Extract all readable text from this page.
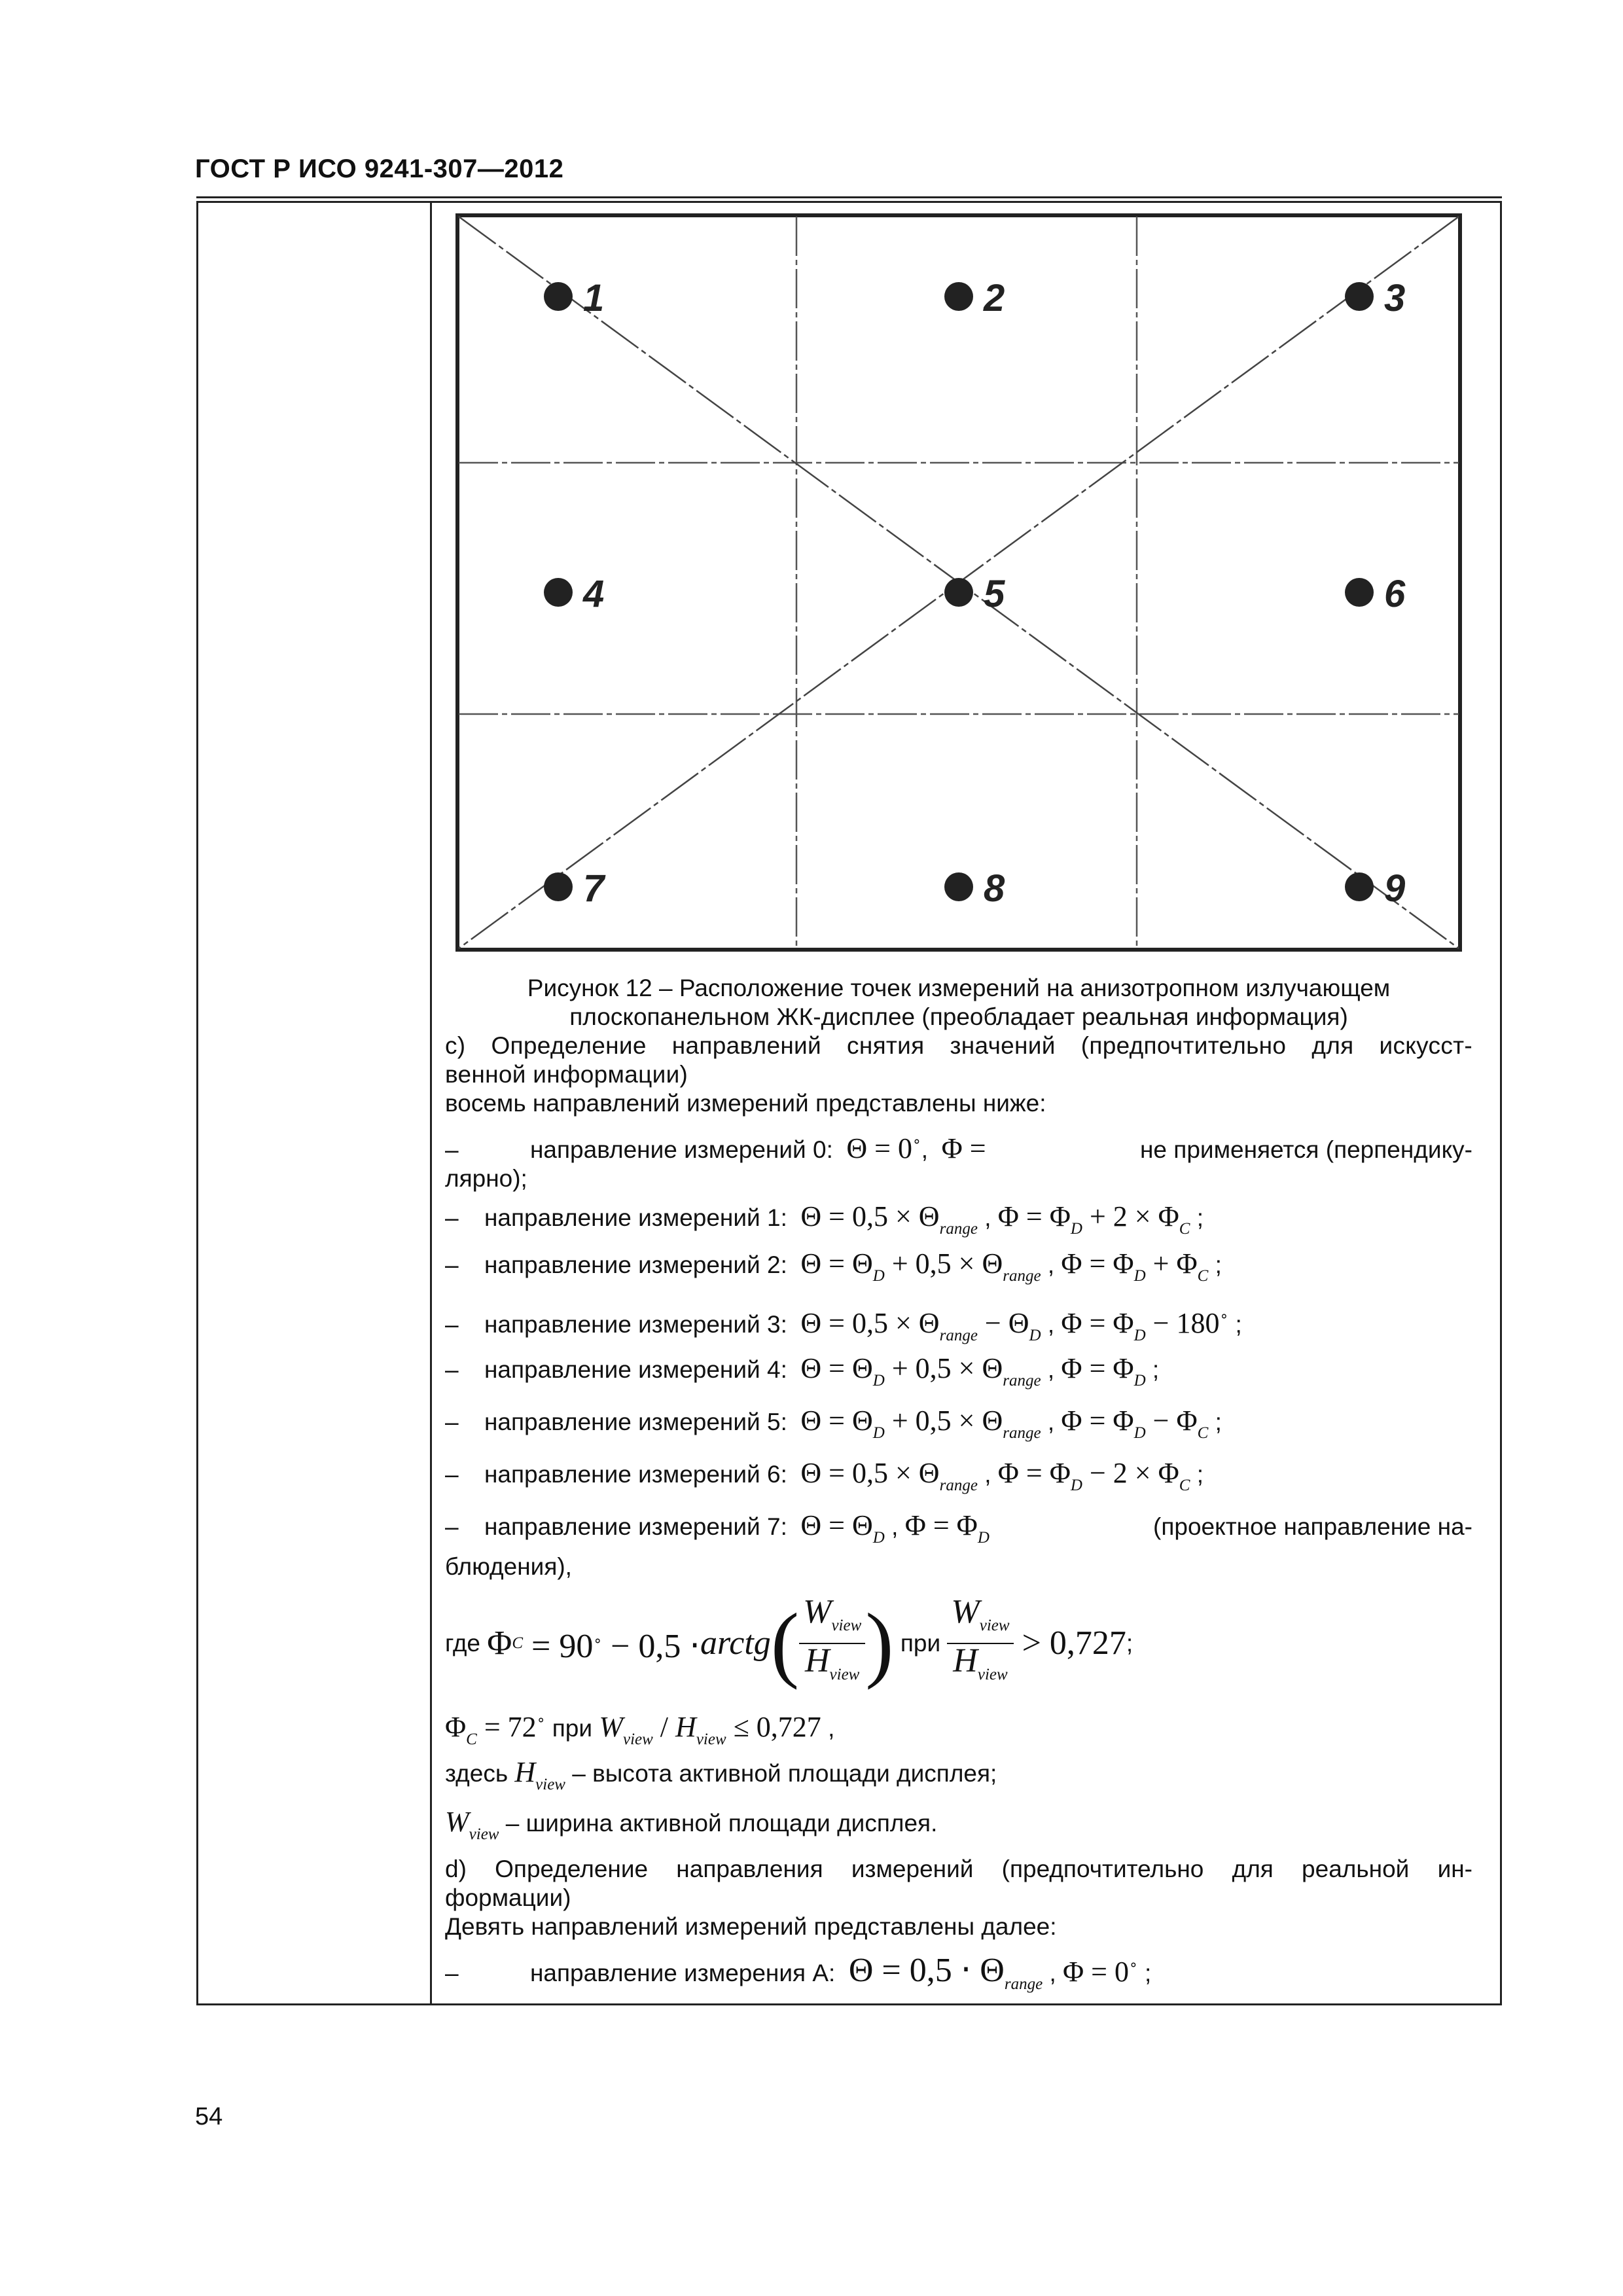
ГОСТ Р ИСО 9241-307—2012
1	2	3
4	5	6
7	8	9
Рисунок 12 – Расположение точек измерений на анизотропном излучающем
плоскопанельном ЖК-дисплее (преобладает реальная информация)
c) Определение направлений снятия значений (предпочтительно для искусст-
венной информации)
восемь направлений измерений представлены ниже:
–	направление измерений 0: Θ = 0∘,  Φ =	не применяется (перпендику-
лярно);
– направление измерений 1: $\Theta = 0,5 \times \Theta_{range}$ , $\Phi = \Phi_D + 2 \times \Phi_C$ ;
– направление измерений 2: $\Theta = \Theta_D + 0,5 \times \Theta_{range}$ , $\Phi = \Phi_D + \Phi_C$ ;
– направление измерений 3: $\Theta = 0,5 \times \Theta_{range} - \Theta_D$ , $\Phi = \Phi_D - 180^\circ$ ;
– направление измерений 4: $\Theta = \Theta_D + 0,5 \times \Theta_{range}$ , $\Phi = \Phi_D$ ;
– направление измерений 5: $\Theta = \Theta_D + 0,5 \times \Theta_{range}$ , $\Phi = \Phi_D - \Phi_C$ ;
– направление измерений 6: $\Theta = 0,5 \times \Theta_{range}$ , $\Phi = \Phi_D - 2 \times \Phi_C$ ;
– направление измерений 7: $\Theta = \Theta_D$ , $\Phi = \Phi_D$	(проектное направление на-
блюдения),
где
Φ C = 90∘ − 0,5 ⋅ arctg ( $\frac{W_{view}}{H_{view}}$ )
при
$\frac{W_{view}}{H_{view}} > 0,727$ ;
$\Phi_C = 72^\circ$ при $W_{view} / H_{view} \le 0,727$ ,
здесь $H_{view}$ – высота активной площади дисплея;
$W_{view}$ – ширина активной площади дисплея.
d) Определение направления измерений (предпочтительно для реальной ин-
формации)
Девять направлений измерений представлены далее:
–	направление измерения А: $\Theta = 0,5 \cdot \Theta_{range}$ , Φ = 0∘ ;
54
